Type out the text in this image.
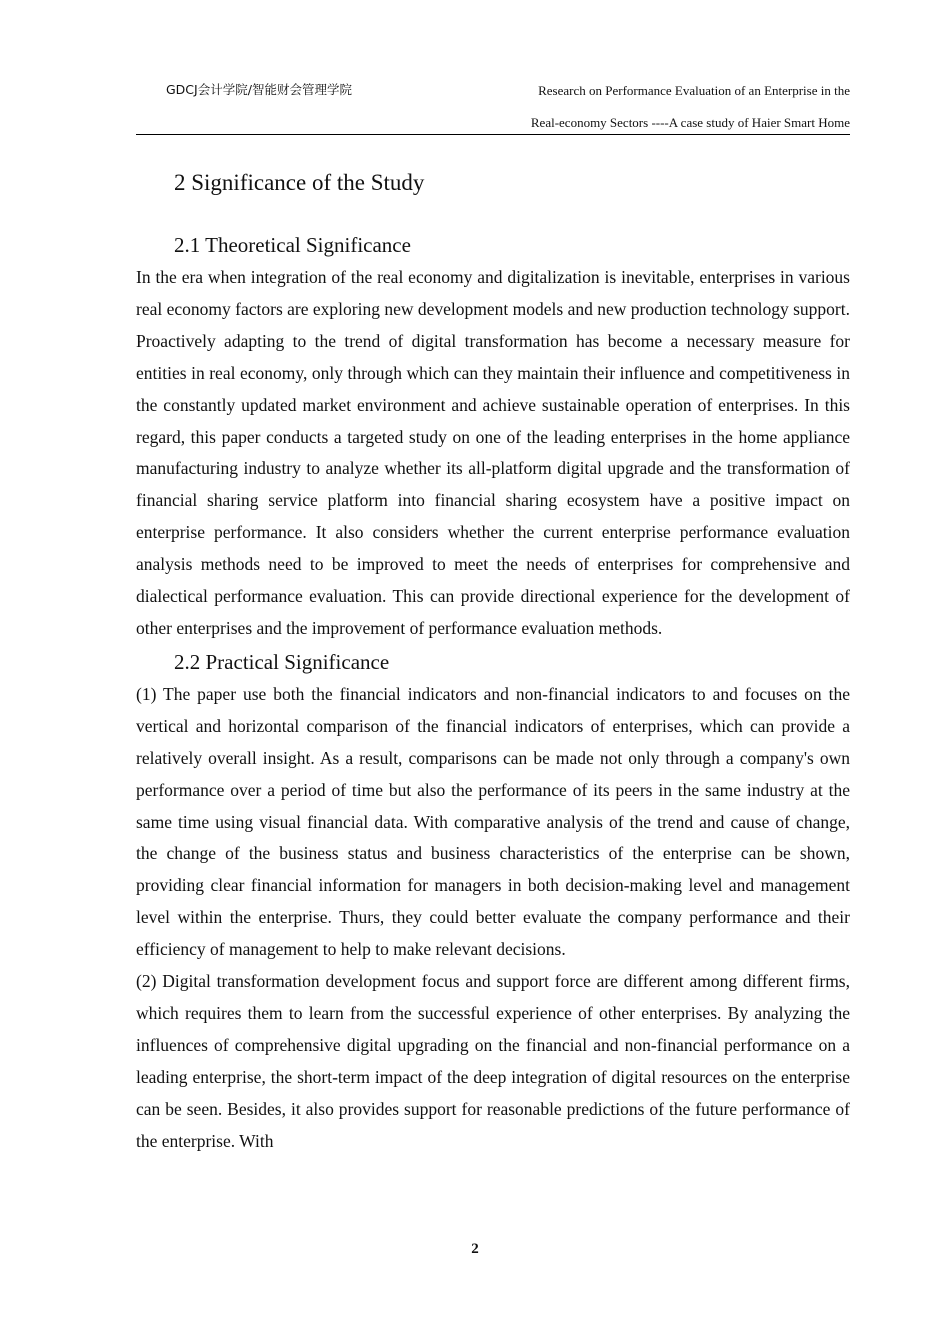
GDCJ会计学院/智能财会管理学院	Research on Performance Evaluation of an Enterprise in the
Real-economy Sectors ----A case study of Haier Smart Home
2 Significance of the Study
2.1 Theoretical Significance

In the era when integration of the real economy and digitalization is inevitable, enterprises in various real economy factors are exploring new development models and new production technology support. Proactively adapting to the trend of digital transformation has become a necessary measure for entities in real economy, only through which can they maintain their influence and competitiveness in the constantly updated market environment and achieve sustainable operation of enterprises. In this regard, this paper conducts a targeted study on one of the leading enterprises in the home appliance manufacturing industry to analyze whether its all-platform digital upgrade and the transformation of financial sharing service platform into financial sharing ecosystem have a positive impact on enterprise performance. It also considers whether the current enterprise performance evaluation analysis methods need to be improved to meet the needs of enterprises for comprehensive and dialectical performance evaluation. This can provide directional experience for the development of other enterprises and the improvement of performance evaluation methods.

2.2 Practical Significance

(1) The paper use both the financial indicators and non-financial indicators to and focuses on the vertical and horizontal comparison of the financial indicators of enterprises, which can provide a relatively overall insight. As a result, comparisons can be made not only through a company's own performance over a period of time but also the performance of its peers in the same industry at the same time using visual financial data. With comparative analysis of the trend and cause of change, the change of the business status and business characteristics of the enterprise can be shown, providing clear financial information for managers in both decision-making level and management level within the enterprise. Thurs, they could better evaluate the company performance and their efficiency of management to help to make relevant decisions.

(2) Digital transformation development focus and support force are different among different firms, which requires them to learn from the successful experience of other enterprises. By analyzing the influences of comprehensive digital upgrading on the financial and non-financial performance on a leading enterprise, the short-term impact of the deep integration of digital resources on the enterprise can be seen. Besides, it also provides support for reasonable predictions of the future performance of the enterprise. With

2
